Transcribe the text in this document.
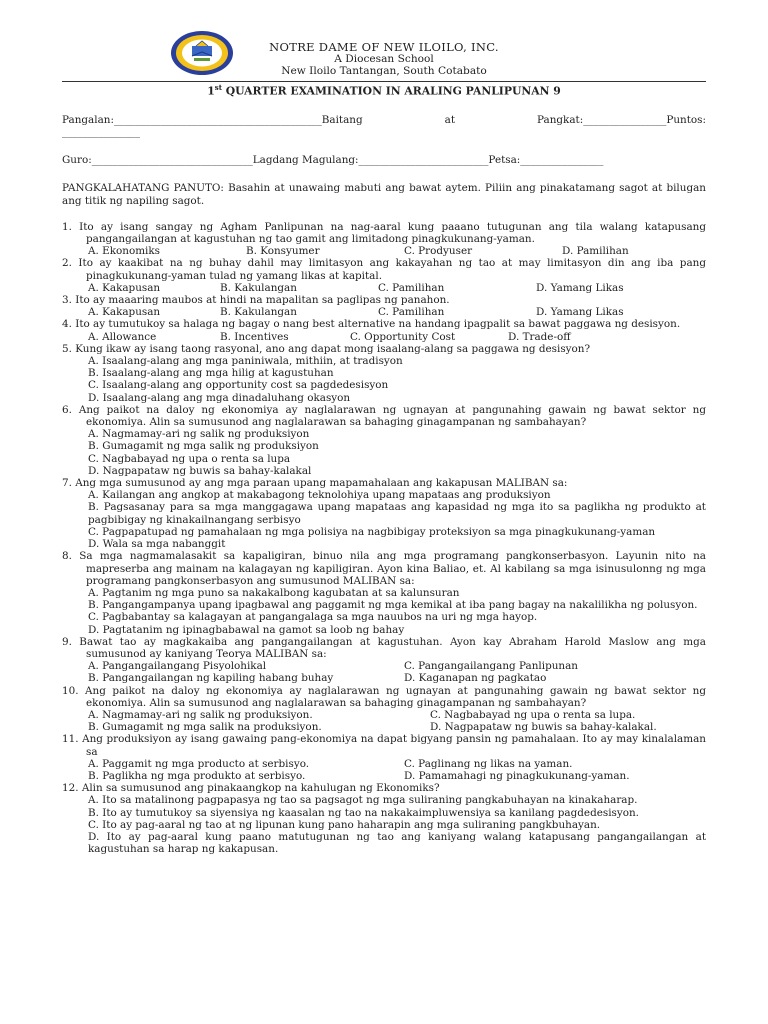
NOTRE DAME OF NEW ILOILO, INC.
A Diocesan School
New Iloilo Tantangan, South Cotabato
1st QUARTER EXAMINATION IN ARALING PANLIPUNAN 9
Pangalan:________________________________________Baitang	at	Pangkat:________________Puntos:
_______________
Guro:_______________________________Lagdang Magulang:_________________________Petsa:________________
PANGKALAHATANG PANUTO: Basahin at unawaing mabuti ang bawat aytem. Piliin ang pinakatamang sagot at bilugan ang titik ng napiling sagot.
1. Ito ay isang sangay ng Agham Panlipunan na nag-aaral kung paaano tutugunan ang tila walang katapusang pangangailangan at kagustuhan ng tao gamit ang limitadong pinagkukunang-yaman.
A. Ekonomiks	B. Konsyumer	C. Prodyuser	D. Pamilihan
2. Ito ay kaakibat na ng buhay dahil may limitasyon ang kakayahan ng tao at may limitasyon din ang iba pang pinagkukunang-yaman tulad ng yamang likas at kapital.
A. Kakapusan	B. Kakulangan	C. Pamilihan	D. Yamang Likas
3. Ito ay maaaring maubos at hindi na mapalitan sa paglipas ng panahon.
A. Kakapusan	B. Kakulangan	C. Pamilihan	D. Yamang Likas
4. Ito ay tumutukoy sa halaga ng bagay o nang best alternative na handang ipagpalit sa bawat paggawa ng desisyon.
A. Allowance	B. Incentives	C. Opportunity Cost	D. Trade-off
5. Kung ikaw ay isang taong rasyonal, ano ang dapat mong isaalang-alang sa paggawa ng desisyon?
A. Isaalang-alang ang mga paniniwala, mithiin, at tradisyon
B. Isaalang-alang ang mga hilig at kagustuhan
C. Isaalang-alang ang opportunity cost sa pagdedesisyon
D. Isaalang-alang ang mga dinadaluhang okasyon
6. Ang paikot na daloy ng ekonomiya ay naglalarawan ng ugnayan at pangunahing gawain ng bawat sektor ng ekonomiya. Alin sa sumusunod ang naglalarawan sa bahaging ginagampanan ng sambahayan?
A. Nagmamay-ari ng salik ng produksiyon
B. Gumagamit ng mga salik ng produksiyon
C. Nagbabayad ng upa o renta sa lupa
D. Nagpapataw ng buwis sa bahay-kalakal
7. Ang mga sumusunod ay ang mga paraan upang mapamahalaan ang kakapusan MALIBAN sa:
A. Kailangan ang angkop at makabagong teknolohiya upang mapataas ang produksiyon
B. Pagsasanay para sa mga manggagawa upang mapataas ang kapasidad ng mga ito sa paglikha ng produkto at pagbibigay ng kinakailnangang serbisyo
C. Pagpapatupad ng pamahalaan ng mga polisiya na nagbibigay proteksiyon sa mga pinagkukunang-yaman
D. Wala sa mga nabanggit
8. Sa mga nagmamalasakit sa kapaligiran, binuo nila ang mga programang pangkonserbasyon. Layunin nito na mapreserba ang mainam na kalagayan ng kapiligiran. Ayon kina Baliao, et. Al kabilang sa mga isinusulonng ng mga programang pangkonserbasyon ang sumusunod MALIBAN sa:
A. Pagtanim ng mga puno sa nakakalbong kagubatan at sa kalunsuran
B. Pangangampanya upang ipagbawal ang paggamit ng mga kemikal at iba pang bagay na nakalilikha ng polusyon.
C. Pagbabantay sa kalagayan at pangangalaga sa mga nauubos na uri ng mga hayop.
D. Pagtatanim ng ipinagbabawal na gamot sa loob ng bahay
9. Bawat tao ay magkakaiba ang pangangailangan at kagustuhan. Ayon kay Abraham Harold Maslow ang mga sumusunod ay kaniyang Teorya MALIBAN sa:
A. Pangangailangang Pisyolohikal	C. Pangangailangang Panlipunan
B. Pangangailangan ng kapiling habang buhay	D. Kaganapan ng pagkatao
10. Ang paikot na daloy ng ekonomiya ay naglalarawan ng ugnayan at pangunahing gawain ng bawat sektor ng ekonomiya. Alin sa sumusunod ang naglalarawan sa bahaging ginagampanan ng sambahayan?
A. Nagmamay-ari ng salik ng produksiyon.	C. Nagbabayad ng upa o renta sa lupa.
B. Gumagamit ng mga salik na produksiyon.	D. Nagpapataw ng buwis sa bahay-kalakal.
11. Ang produksiyon ay isang gawaing pang-ekonomiya na dapat bigyang pansin ng pamahalaan. Ito ay may kinalalaman sa
A. Paggamit ng mga producto at serbisyo.	C. Paglinang ng likas na yaman.
B. Paglikha ng mga produkto at serbisyo.	D. Pamamahagi ng pinagkukunang-yaman.
12. Alin sa sumusunod ang pinakaangkop na kahulugan ng Ekonomiks?
A. Ito sa matalinong pagpapasya ng tao sa pagsagot ng mga suliraning pangkabuhayan na kinakaharap.
B. Ito ay tumutukoy sa siyensiya ng kaasalan ng tao na nakakaimpluwensiya sa kanilang pagdedesisyon.
C. Ito ay pag-aaral ng tao at ng lipunan kung pano haharapin ang mga suliraning pangkbuhayan.
D. Ito ay pag-aaral kung paano matutugunan ng tao ang kaniyang walang katapusang pangangailangan at kagustuhan sa harap ng kakapusan.
